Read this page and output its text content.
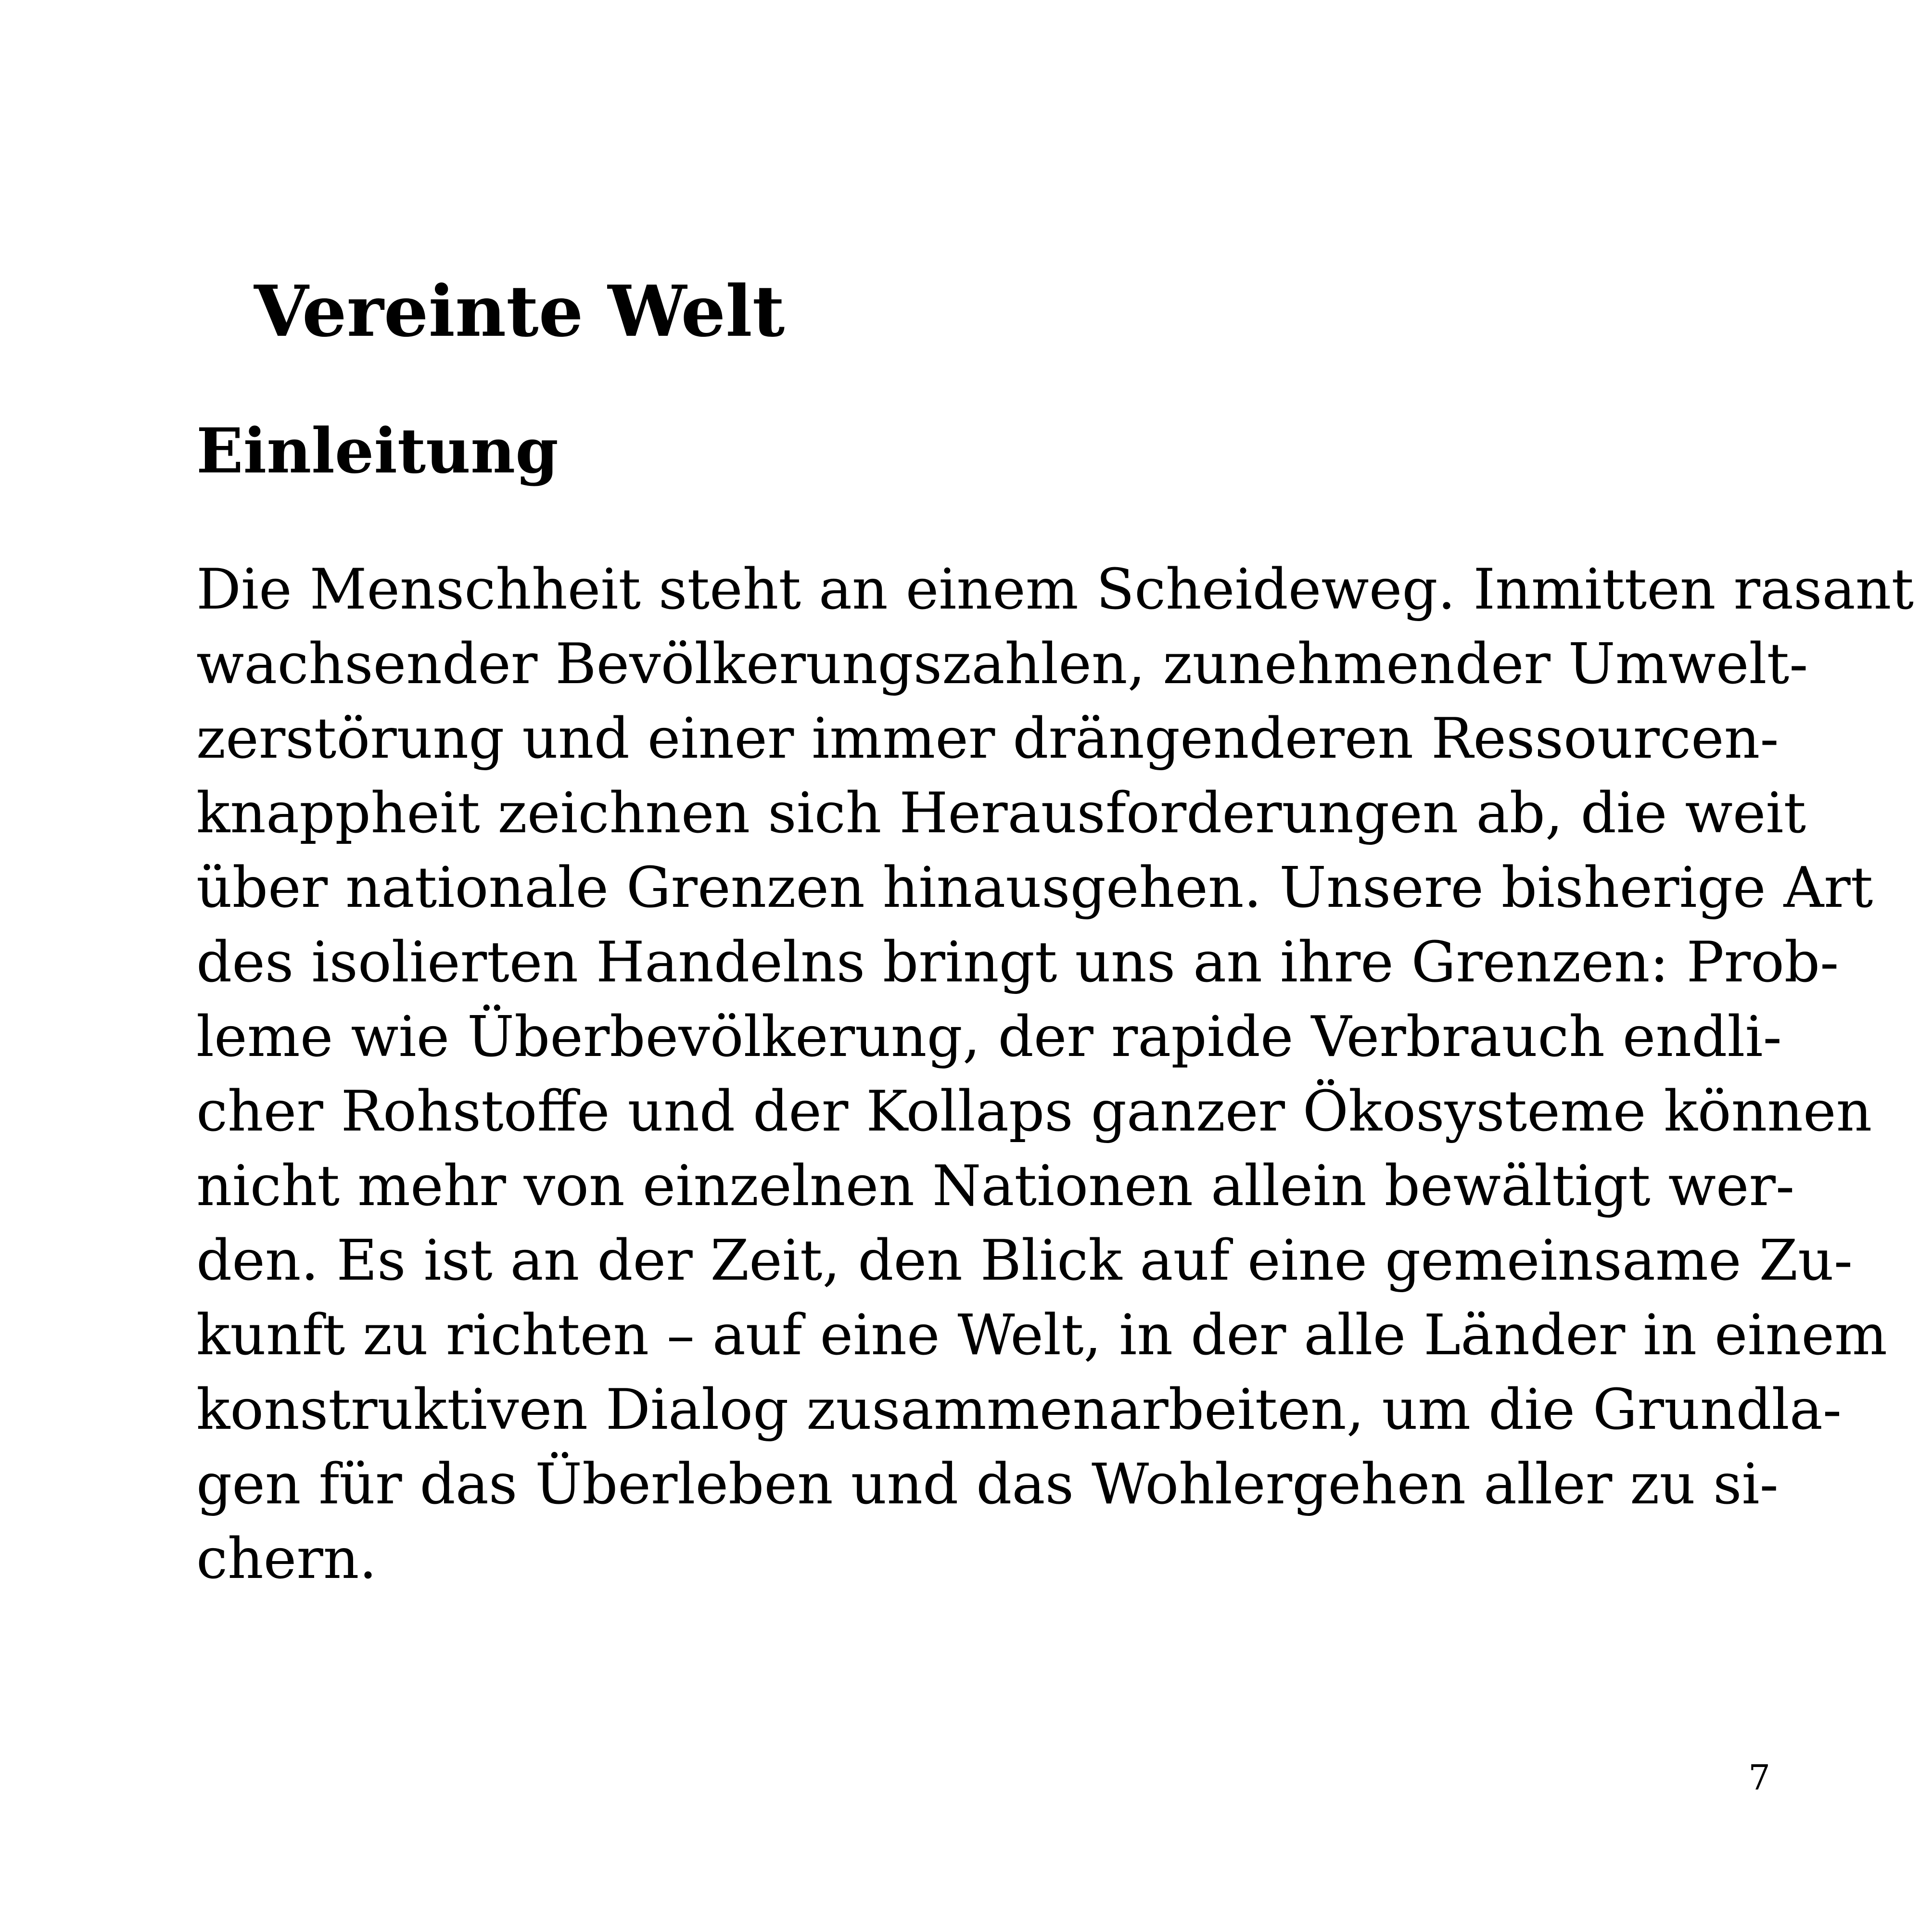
Vereinte Welt
Einleitung
Die Menschheit steht an einem Scheideweg. Inmitten rasant
wachsender Bevölkerungszahlen, zunehmender Umwelt-
zerstörung und einer immer drängenderen Ressourcen-
knappheit zeichnen sich Herausforderungen ab, die weit
über nationale Grenzen hinausgehen. Unsere bisherige Art
des isolierten Handelns bringt uns an ihre Grenzen: Prob-
leme wie Überbevölkerung, der rapide Verbrauch endli-
cher Rohstoffe und der Kollaps ganzer Ökosysteme können
nicht mehr von einzelnen Nationen allein bewältigt wer-
den. Es ist an der Zeit, den Blick auf eine gemeinsame Zu-
kunft zu richten – auf eine Welt, in der alle Länder in einem
konstruktiven Dialog zusammenarbeiten, um die Grundla-
gen für das Überleben und das Wohlergehen aller zu si-
chern.
7
